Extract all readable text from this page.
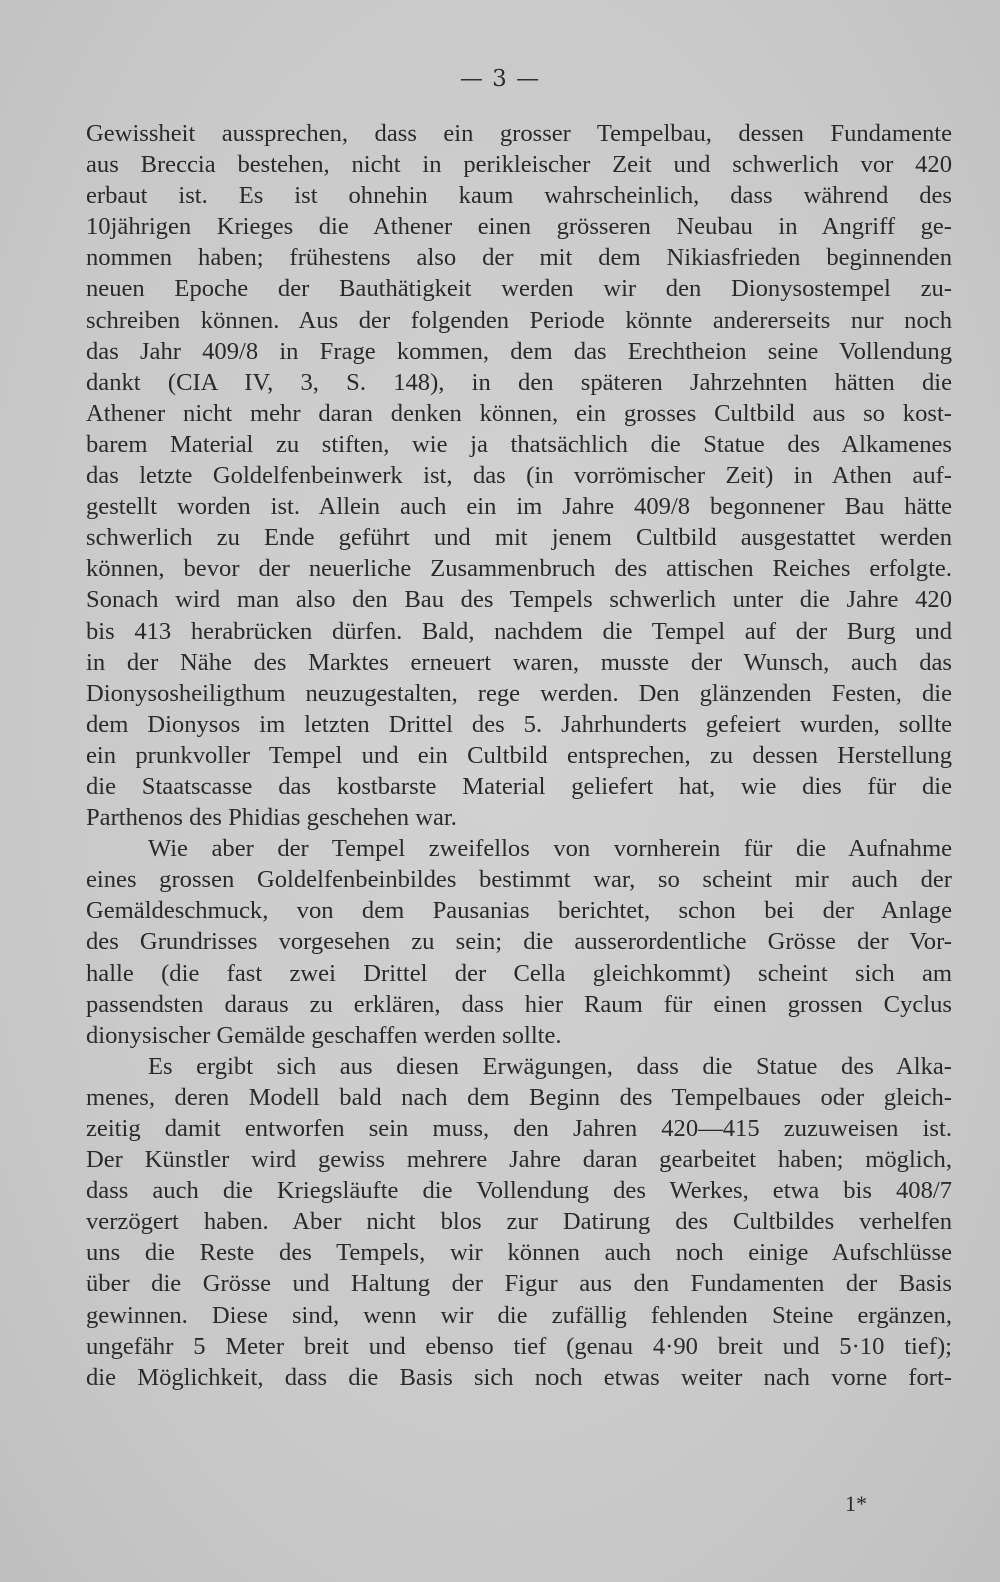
— 3 —

Gewissheit aussprechen, dass ein grosser Tempelbau, dessen Fundamente
aus Breccia bestehen, nicht in perikleischer Zeit und schwerlich vor 420
erbaut ist. Es ist ohnehin kaum wahrscheinlich, dass während des
10jährigen Krieges die Athener einen grösseren Neubau in Angriff ge-
nommen haben; frühestens also der mit dem Nikiasfrieden beginnenden
neuen Epoche der Bauthätigkeit werden wir den Dionysostempel zu-
schreiben können. Aus der folgenden Periode könnte andererseits nur noch
das Jahr 409/8 in Frage kommen, dem das Erechtheion seine Vollendung
dankt (CIA IV, 3, S. 148), in den späteren Jahrzehnten hätten die
Athener nicht mehr daran denken können, ein grosses Cultbild aus so kost-
barem Material zu stiften, wie ja thatsächlich die Statue des Alkamenes
das letzte Goldelfenbeinwerk ist, das (in vorrömischer Zeit) in Athen auf-
gestellt worden ist. Allein auch ein im Jahre 409/8 begonnener Bau hätte
schwerlich zu Ende geführt und mit jenem Cultbild ausgestattet werden
können, bevor der neuerliche Zusammenbruch des attischen Reiches erfolgte.
Sonach wird man also den Bau des Tempels schwerlich unter die Jahre 420
bis 413 herabrücken dürfen. Bald, nachdem die Tempel auf der Burg und
in der Nähe des Marktes erneuert waren, musste der Wunsch, auch das
Dionysosheiligthum neuzugestalten, rege werden. Den glänzenden Festen, die
dem Dionysos im letzten Drittel des 5. Jahrhunderts gefeiert wurden, sollte
ein prunkvoller Tempel und ein Cultbild entsprechen, zu dessen Herstellung
die Staatscasse das kostbarste Material geliefert hat, wie dies für die
Parthenos des Phidias geschehen war.
Wie aber der Tempel zweifellos von vornherein für die Aufnahme
eines grossen Goldelfenbeinbildes bestimmt war, so scheint mir auch der
Gemäldeschmuck, von dem Pausanias berichtet, schon bei der Anlage
des Grundrisses vorgesehen zu sein; die ausserordentliche Grösse der Vor-
halle (die fast zwei Drittel der Cella gleichkommt) scheint sich am
passendsten daraus zu erklären, dass hier Raum für einen grossen Cyclus
dionysischer Gemälde geschaffen werden sollte.
Es ergibt sich aus diesen Erwägungen, dass die Statue des Alka-
menes, deren Modell bald nach dem Beginn des Tempelbaues oder gleich-
zeitig damit entworfen sein muss, den Jahren 420—415 zuzuweisen ist.
Der Künstler wird gewiss mehrere Jahre daran gearbeitet haben; möglich,
dass auch die Kriegsläufte die Vollendung des Werkes, etwa bis 408/7
verzögert haben. Aber nicht blos zur Datirung des Cultbildes verhelfen
uns die Reste des Tempels, wir können auch noch einige Aufschlüsse
über die Grösse und Haltung der Figur aus den Fundamenten der Basis
gewinnen. Diese sind, wenn wir die zufällig fehlenden Steine ergänzen,
ungefähr 5 Meter breit und ebenso tief (genau 4·90 breit und 5·10 tief);
die Möglichkeit, dass die Basis sich noch etwas weiter nach vorne fort-

1*
